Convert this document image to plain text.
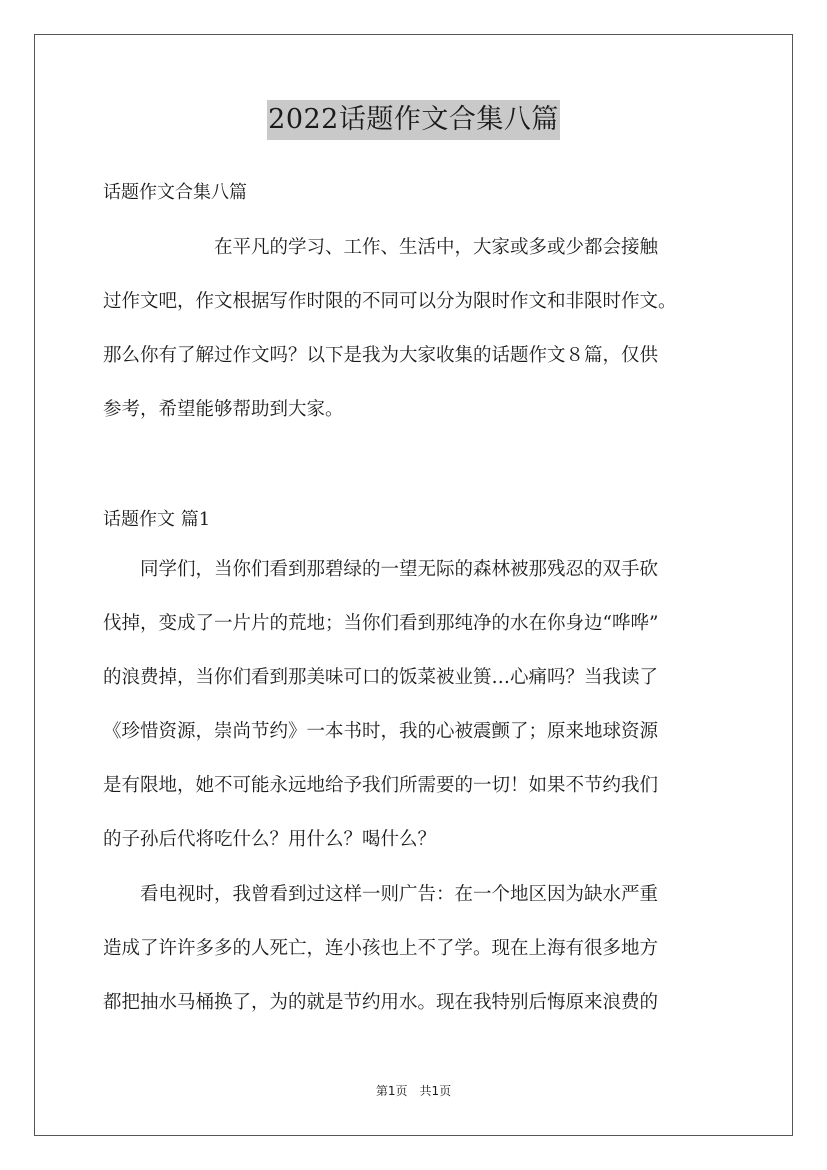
2022话题作文合集八篇
话题作文合集八篇
　　　　　　在平凡的学习、工作、生活中，大家或多或少都会接触
过作文吧，作文根据写作时限的不同可以分为限时作文和非限时作文。
那么你有了解过作文吗？以下是我为大家收集的话题作文８篇，仅供
参考，希望能够帮助到大家。
话题作文 篇1
　　同学们，当你们看到那碧绿的一望无际的森林被那残忍的双手砍
伐掉，变成了一片片的荒地；当你们看到那纯净的水在你身边“哗哗”
的浪费掉，当你们看到那美味可口的饭菜被业篑…心痛吗？当我读了
《珍惜资源，崇尚节约》一本书时，我的心被震颤了；原来地球资源
是有限地，她不可能永远地给予我们所需要的一切！如果不节约我们
的子孙后代将吃什么？用什么？喝什么？
　　看电视时，我曾看到过这样一则广告：在一个地区因为缺水严重
造成了许许多多的人死亡，连小孩也上不了学。现在上海有很多地方
都把抽水马桶换了，为的就是节约用水。现在我特别后悔原来浪费的
第1页　共1页
